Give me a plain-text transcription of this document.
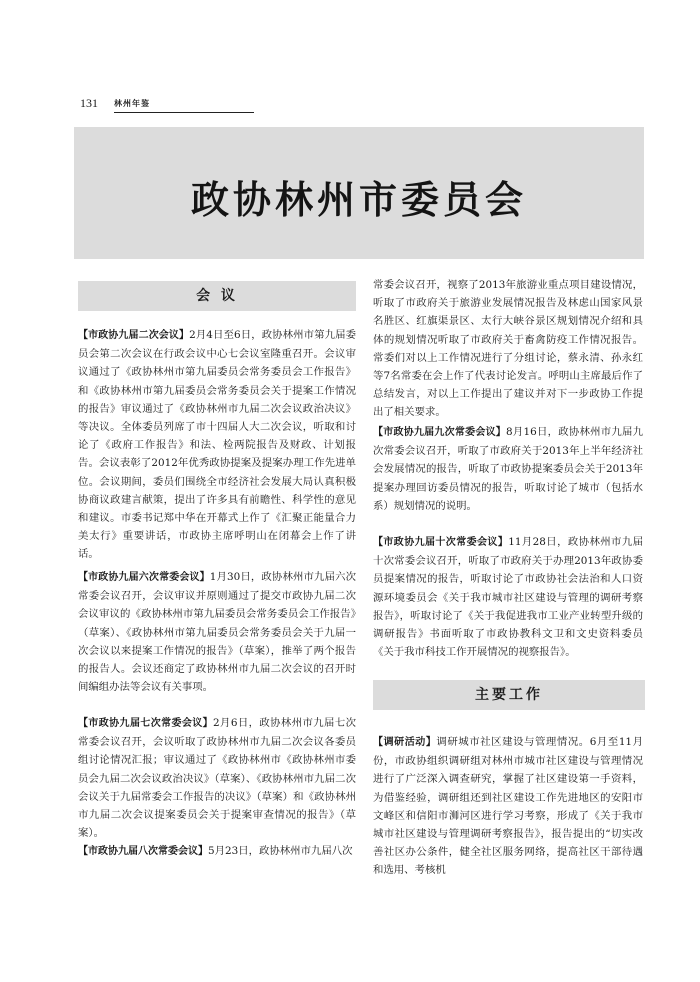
131 林州年鉴
政协林州市委员会
会 议

【市政协九届二次会议】2月4日至6日，政协林州市第九届委员会第二次会议在行政会议中心七会议室隆重召开。会议审议通过了《政协林州市第九届委员会常务委员会工作报告》和《政协林州市第九届委员会常务委员会关于提案工作情况的报告》审议通过了《政协林州市九届二次会议政治决议》等决议。全体委员列席了市十四届人大二次会议，听取和讨论了《政府工作报告》和法、检两院报告及财政、计划报告。会议表彰了2012年优秀政协提案及提案办理工作先进单位。会议期间，委员们围绕全市经济社会发展大局认真积极协商议政建言献策，提出了许多具有前瞻性、科学性的意见和建议。市委书记郑中华在开幕式上作了《汇聚正能量合力美太行》重要讲话，市政协主席呼明山在闭幕会上作了讲话。

【市政协九届六次常委会议】1月30日，政协林州市九届六次常委会议召开，会议审议并原则通过了提交市政协九届二次会议审议的《政协林州市第九届委员会常务委员会工作报告》（草案）、《政协林州市第九届委员会常务委员会关于九届一次会议以来提案工作情况的报告》（草案），推举了两个报告的报告人。会议还商定了政协林州市九届二次会议的召开时间编组办法等会议有关事项。

【市政协九届七次常委会议】2月6日，政协林州市九届七次常委会议召开，会议听取了政协林州市九届二次会议各委员组讨论情况汇报；审议通过了《政协林州市《政协林州市委员会九届二次会议政治决议》（草案）、《政协林州市九届二次会议关于九届常委会工作报告的决议》（草案）和《政协林州市九届二次会议提案委员会关于提案审查情况的报告》（草案）。

【市政协九届八次常委会议】5月23日，政协林州市九届八次

常委会议召开，视察了2013年旅游业重点项目建设情况，听取了市政府关于旅游业发展情况报告及林虑山国家风景名胜区、红旗渠景区、太行大峡谷景区规划情况介绍和具体的规划情况听取了市政府关于畜禽防疫工作情况报告。常委们对以上工作情况进行了分组讨论，蔡永清、孙永红等7名常委在会上作了代表讨论发言。呼明山主席最后作了总结发言，对以上工作提出了建议并对下一步政协工作提出了相关要求。

【市政协九届九次常委会议】8月16日，政协林州市九届九次常委会议召开，听取了市政府关于2013年上半年经济社会发展情况的报告，听取了市政协提案委员会关于2013年提案办理回访委员情况的报告，听取讨论了城市（包括水系）规划情况的说明。

【市政协九届十次常委会议】11月28日，政协林州市九届十次常委会议召开，听取了市政府关于办理2013年政协委员提案情况的报告，听取讨论了市政协社会法治和人口资源环境委员会《关于我市城市社区建设与管理的调研考察报告》，听取讨论了《关于我促进我市工业产业转型升级的调研报告》书面听取了市政协教科文卫和文史资料委员《关于我市科技工作开展情况的视察报告》。

主要工作

【调研活动】调研城市社区建设与管理情况。6月至11月份，市政协组织调研组对林州市城市社区建设与管理情况进行了广泛深入调查研究，掌握了社区建设第一手资料，为借鉴经验，调研组还到社区建设工作先进地区的安阳市文峰区和信阳市浉河区进行学习考察，形成了《关于我市城市社区建设与管理调研考察报告》，报告提出的“切实改善社区办公条件，健全社区服务网络，提高社区干部待遇和选用、考核机
